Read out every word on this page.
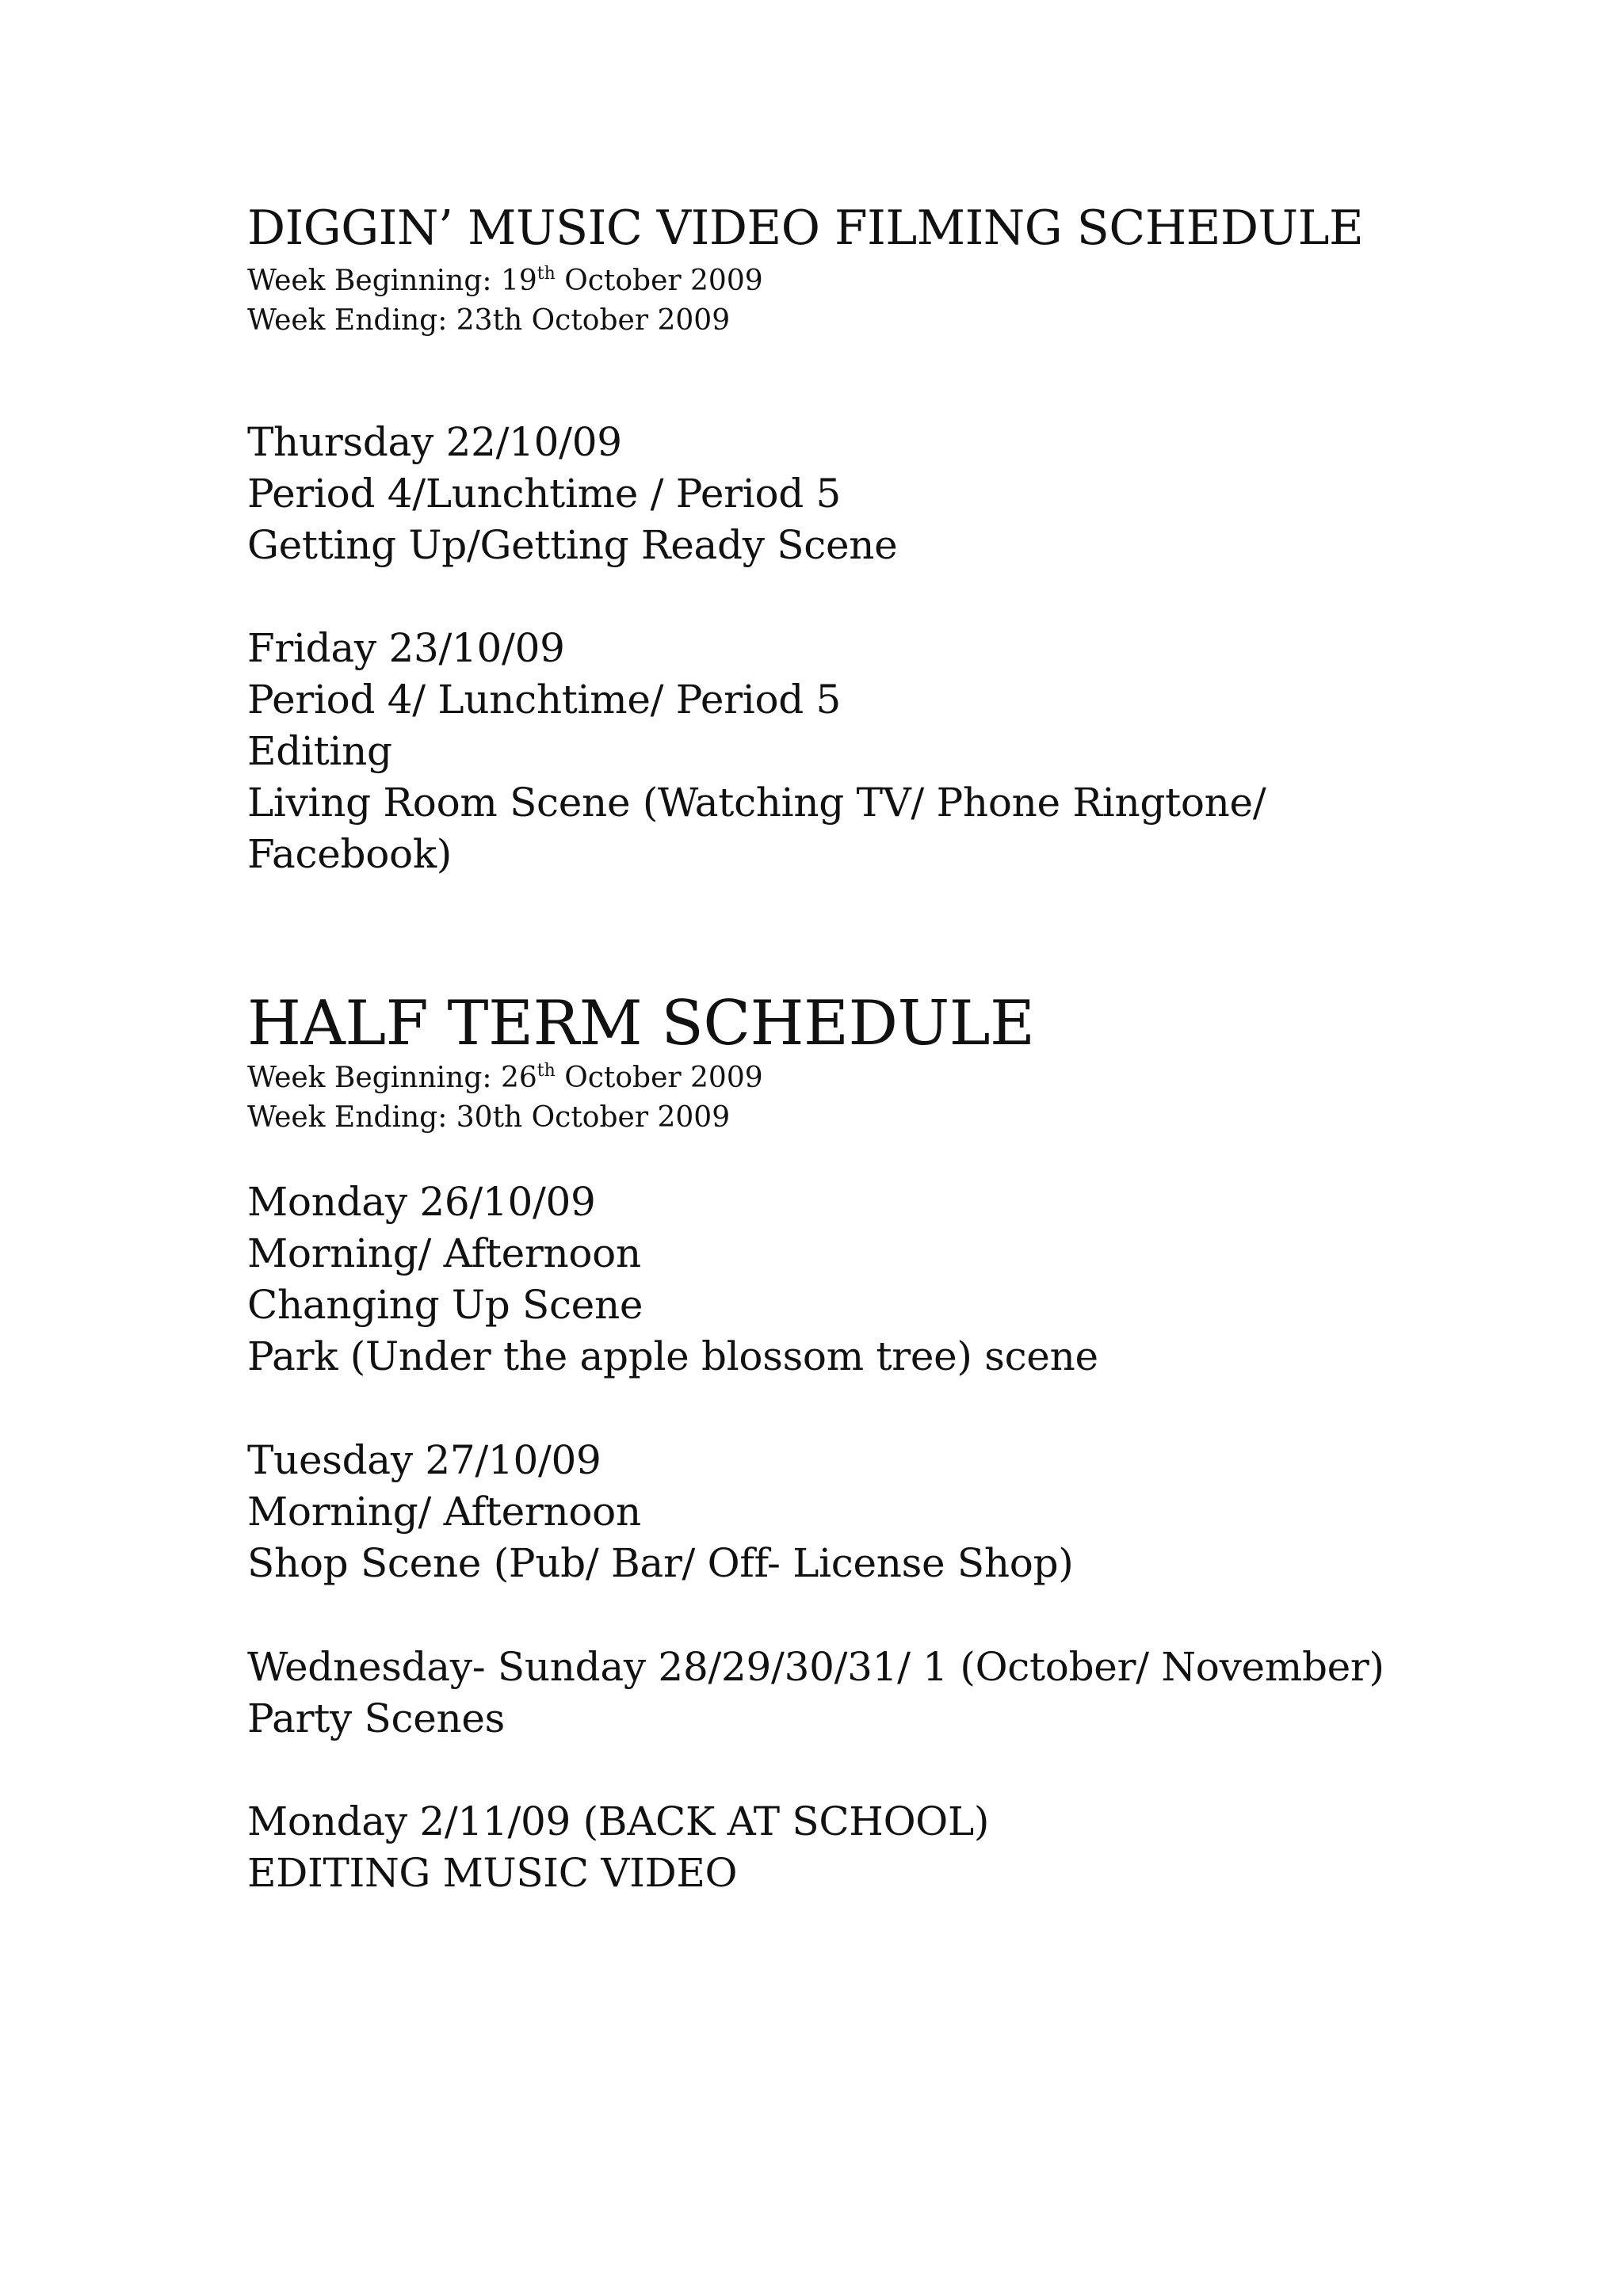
DIGGIN’ MUSIC VIDEO FILMING SCHEDULE
Week Beginning: 19th October 2009
Week Ending: 23th October 2009
Thursday 22/10/09
Period 4/Lunchtime / Period 5
Getting Up/Getting Ready Scene
Friday 23/10/09
Period 4/ Lunchtime/ Period 5
Editing
Living Room Scene (Watching TV/ Phone Ringtone/
Facebook)
HALF TERM SCHEDULE
Week Beginning: 26th October 2009
Week Ending: 30th October 2009
Monday 26/10/09
Morning/ Afternoon
Changing Up Scene
Park (Under the apple blossom tree) scene
Tuesday 27/10/09
Morning/ Afternoon
Shop Scene (Pub/ Bar/ Off- License Shop)
Wednesday- Sunday 28/29/30/31/ 1 (October/ November)
Party Scenes
Monday 2/11/09 (BACK AT SCHOOL)
EDITING MUSIC VIDEO
